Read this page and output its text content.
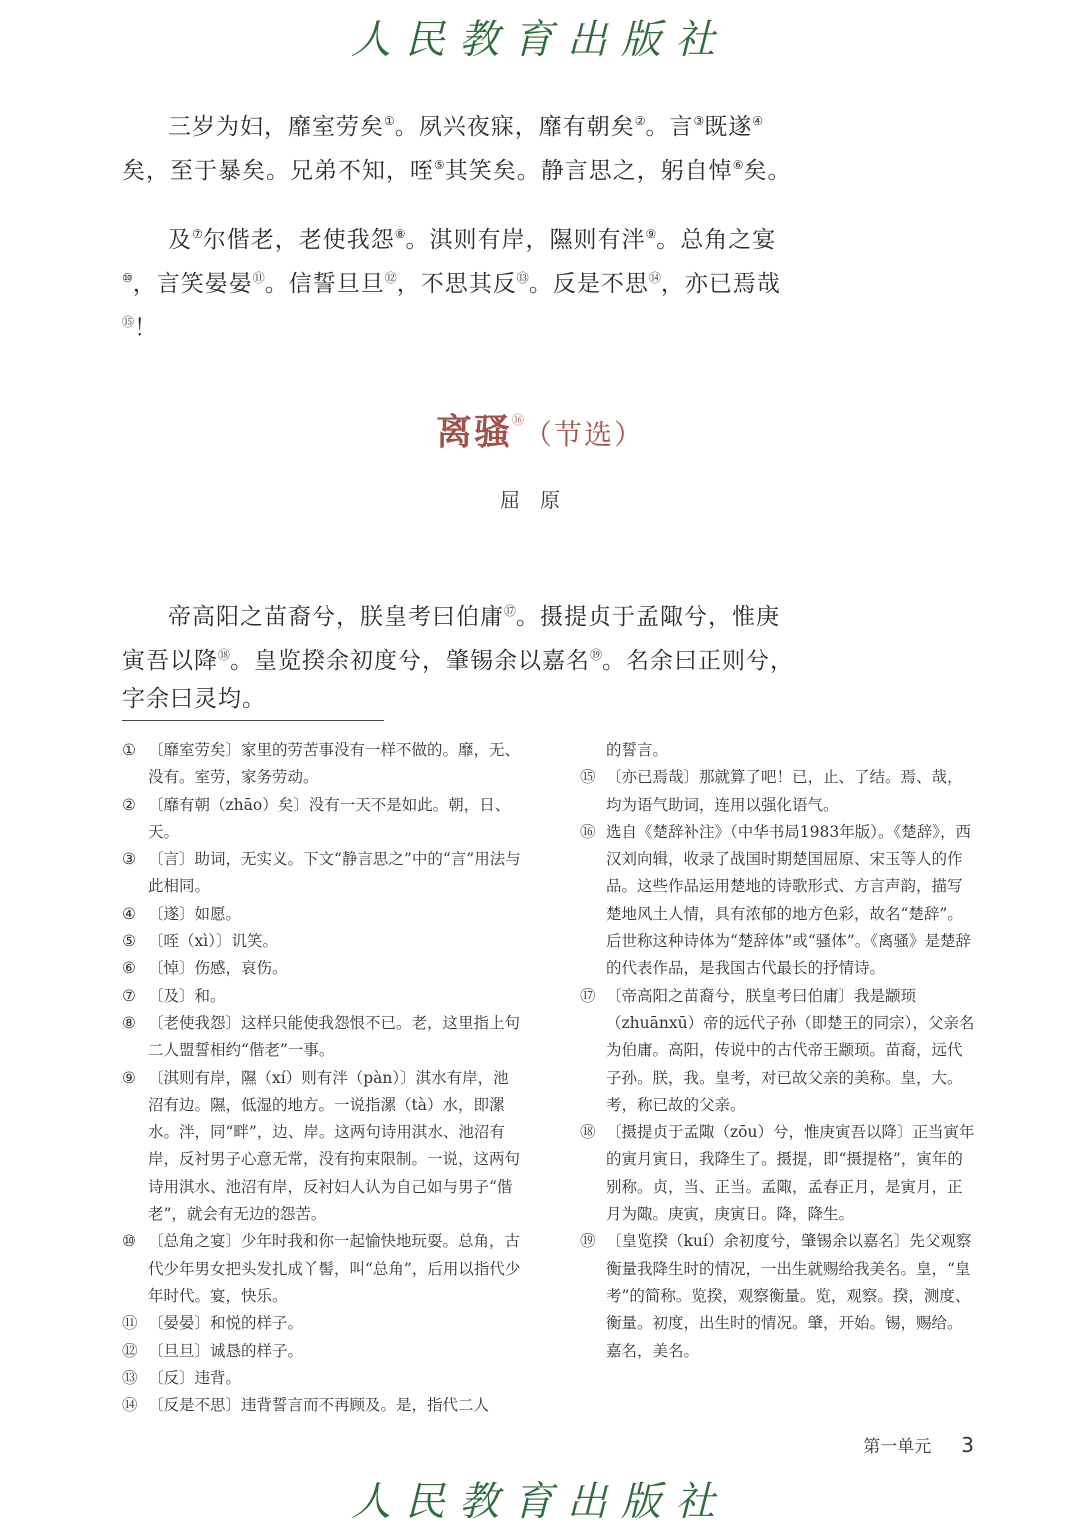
人民教育出版社

三岁为妇，靡室劳矣①。夙兴夜寐，靡有朝矣②。言③既遂④矣，至于暴矣。兄弟不知，咥⑤其笑矣。静言思之，躬自悼⑥矣。

及⑦尔偕老，老使我怨⑧。淇则有岸，隰则有泮⑨。总角之宴⑩，言笑晏晏⑪。信誓旦旦⑫，不思其反⑬。反是不思⑭，亦已焉哉⑮！

离骚⑯（节选）
屈原

帝高阳之苗裔兮，朕皇考曰伯庸⑰。摄提贞于孟陬兮，惟庚寅吾以降⑱。皇览揆余初度兮，肇锡余以嘉名⑲。名余曰正则兮，字余曰灵均。

① 〔靡室劳矣〕家里的劳苦事没有一样不做的。靡，无、没有。室劳，家务劳动。
② 〔靡有朝（zhāo）矣〕没有一天不是如此。朝，日、天。
③ 〔言〕助词，无实义。下文“静言思之”中的“言”用法与此相同。
④ 〔遂〕如愿。
⑤ 〔咥（xì）〕讥笑。
⑥ 〔悼〕伤感，哀伤。
⑦ 〔及〕和。
⑧ 〔老使我怨〕这样只能使我怨恨不已。老，这里指上句二人盟誓相约“偕老”一事。
⑨ 〔淇则有岸，隰（xí）则有泮（pàn）〕淇水有岸，池沼有边。隰，低湿的地方。一说指漯（tà）水，即漯水。泮，同“畔”，边、岸。这两句诗用淇水、池沼有岸，反衬男子心意无常，没有拘束限制。一说，这两句诗用淇水、池沼有岸，反衬妇人认为自己如与男子“偕老”，就会有无边的怨苦。
⑩ 〔总角之宴〕少年时我和你一起愉快地玩耍。总角，古代少年男女把头发扎成丫髻，叫“总角”，后用以指代少年时代。宴，快乐。
⑪ 〔晏晏〕和悦的样子。
⑫ 〔旦旦〕诚恳的样子。
⑬ 〔反〕违背。
⑭ 〔反是不思〕违背誓言而不再顾及。是，指代二人
的誓言。
⑮ 〔亦已焉哉〕那就算了吧！已，止、了结。焉、哉，均为语气助词，连用以强化语气。
⑯ 选自《楚辞补注》（中华书局1983年版）。《楚辞》，西汉刘向辑，收录了战国时期楚国屈原、宋玉等人的作品。这些作品运用楚地的诗歌形式、方言声韵，描写楚地风土人情，具有浓郁的地方色彩，故名“楚辞”。后世称这种诗体为“楚辞体”或“骚体”。《离骚》是楚辞的代表作品，是我国古代最长的抒情诗。
⑰ 〔帝高阳之苗裔兮，朕皇考曰伯庸〕我是颛顼（zhuānxū）帝的远代子孙（即楚王的同宗），父亲名为伯庸。高阳，传说中的古代帝王颛顼。苗裔，远代子孙。朕，我。皇考，对已故父亲的美称。皇，大。考，称已故的父亲。
⑱ 〔摄提贞于孟陬（zōu）兮，惟庚寅吾以降〕正当寅年的寅月寅日，我降生了。摄提，即“摄提格”，寅年的别称。贞，当、正当。孟陬，孟春正月，是寅月，正月为陬。庚寅，庚寅日。降，降生。
⑲ 〔皇览揆（kuí）余初度兮，肇锡余以嘉名〕先父观察衡量我降生时的情况，一出生就赐给我美名。皇，“皇考”的简称。览揆，观察衡量。览，观察。揆，测度、衡量。初度，出生时的情况。肇，开始。锡，赐给。嘉名，美名。
第一单元 3
人民教育出版社
